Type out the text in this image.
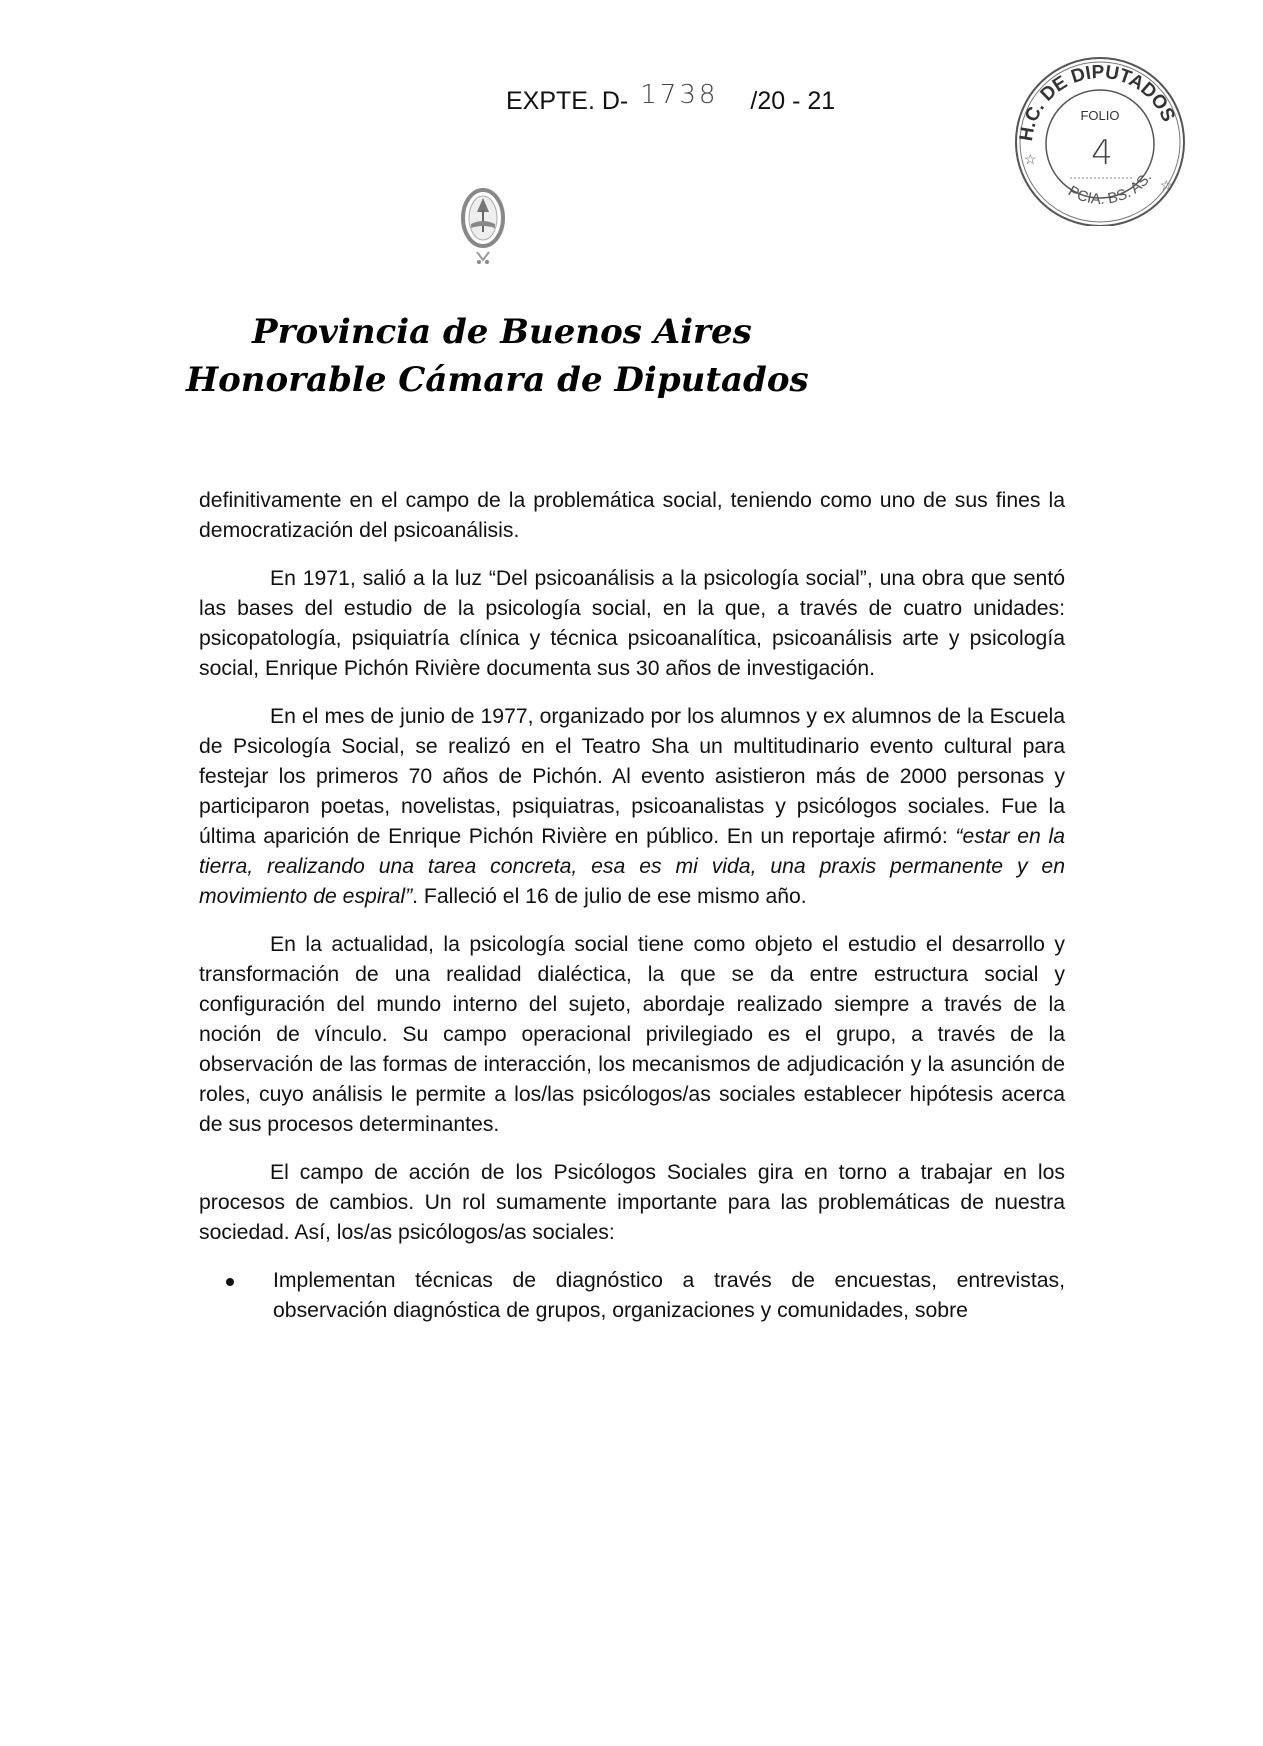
EXPTE. D- 1738 /20 - 21
H.C. DE DIPUTADOS
PCIA. BS. AS.
FOLIO
4
☆
☆
Provincia de Buenos Aires
Honorable Cámara de Diputados

definitivamente en el campo de la problemática social, teniendo como uno de sus fines la democratización del psicoanálisis.

En 1971, salió a la luz “Del psicoanálisis a la psicología social”, una obra que sentó las bases del estudio de la psicología social, en la que, a través de cuatro unidades: psicopatología, psiquiatría clínica y técnica psicoanalítica, psicoanálisis arte y psicología social, Enrique Pichón Rivière documenta sus 30 años de investigación.

En el mes de junio de 1977, organizado por los alumnos y ex alumnos de la Escuela de Psicología Social, se realizó en el Teatro Sha un multitudinario evento cultural para festejar los primeros 70 años de Pichón. Al evento asistieron más de 2000 personas y participaron poetas, novelistas, psiquiatras, psicoanalistas y psicólogos sociales. Fue la última aparición de Enrique Pichón Rivière en público. En un reportaje afirmó: “estar en la tierra, realizando una tarea concreta, esa es mi vida, una praxis permanente y en movimiento de espiral”. Falleció el 16 de julio de ese mismo año.

En la actualidad, la psicología social tiene como objeto el estudio el desarrollo y transformación de una realidad dialéctica, la que se da entre estructura social y configuración del mundo interno del sujeto, abordaje realizado siempre a través de la noción de vínculo. Su campo operacional privilegiado es el grupo, a través de la observación de las formas de interacción, los mecanismos de adjudicación y la asunción de roles, cuyo análisis le permite a los/las psicólogos/as sociales establecer hipótesis acerca de sus procesos determinantes.

El campo de acción de los Psicólogos Sociales gira en torno a trabajar en los procesos de cambios. Un rol sumamente importante para las problemáticas de nuestra sociedad. Así, los/as psicólogos/as sociales:

Implementan técnicas de diagnóstico a través de encuestas, entrevistas, observación diagnóstica de grupos, organizaciones y comunidades, sobre
